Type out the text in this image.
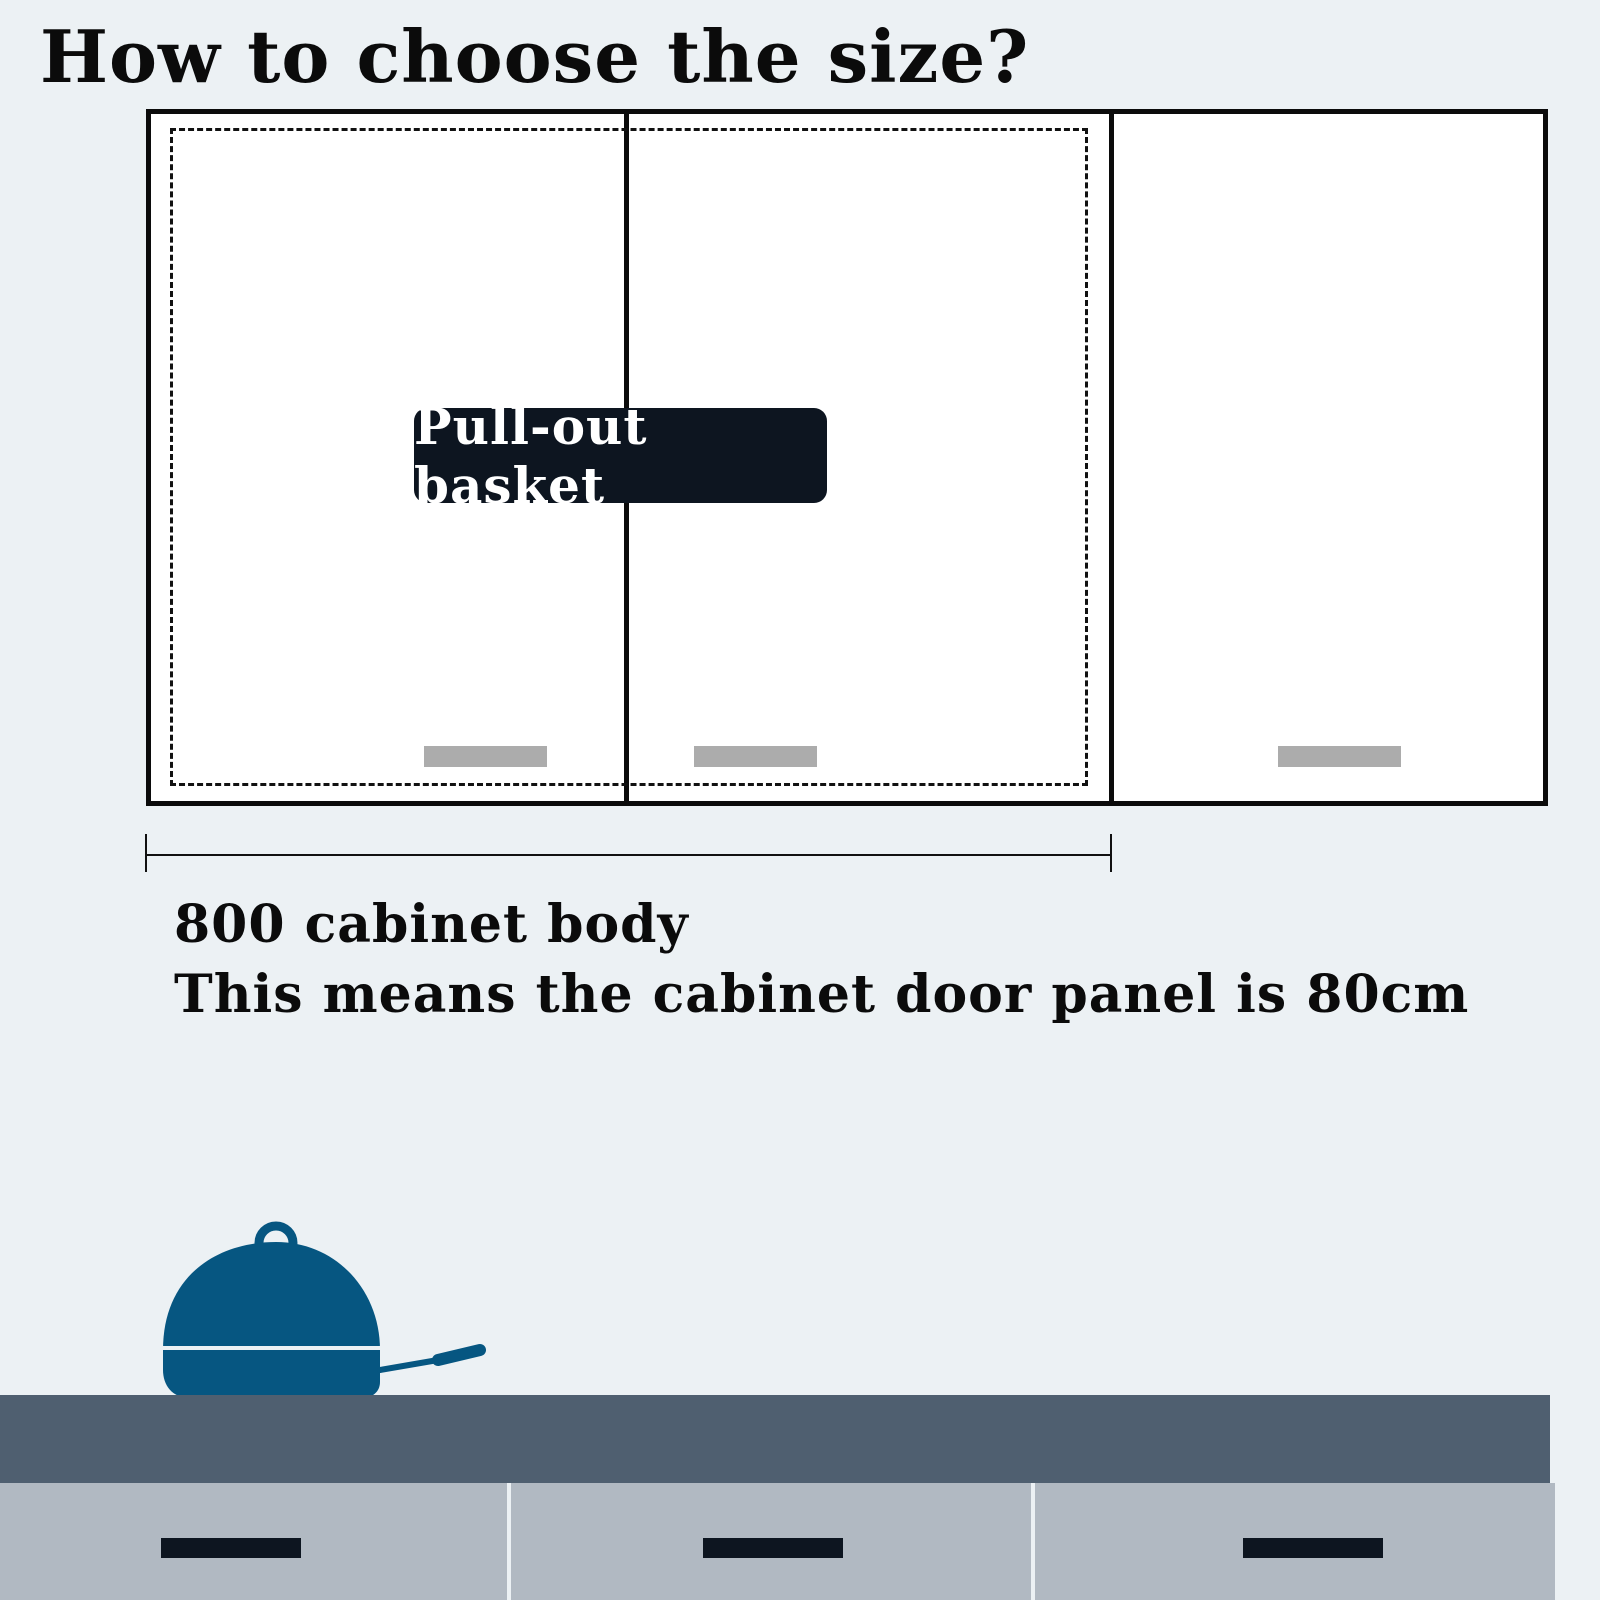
How to choose the size?
Pull-out basket

800 cabinet body

This means the cabinet door panel is 80cm
